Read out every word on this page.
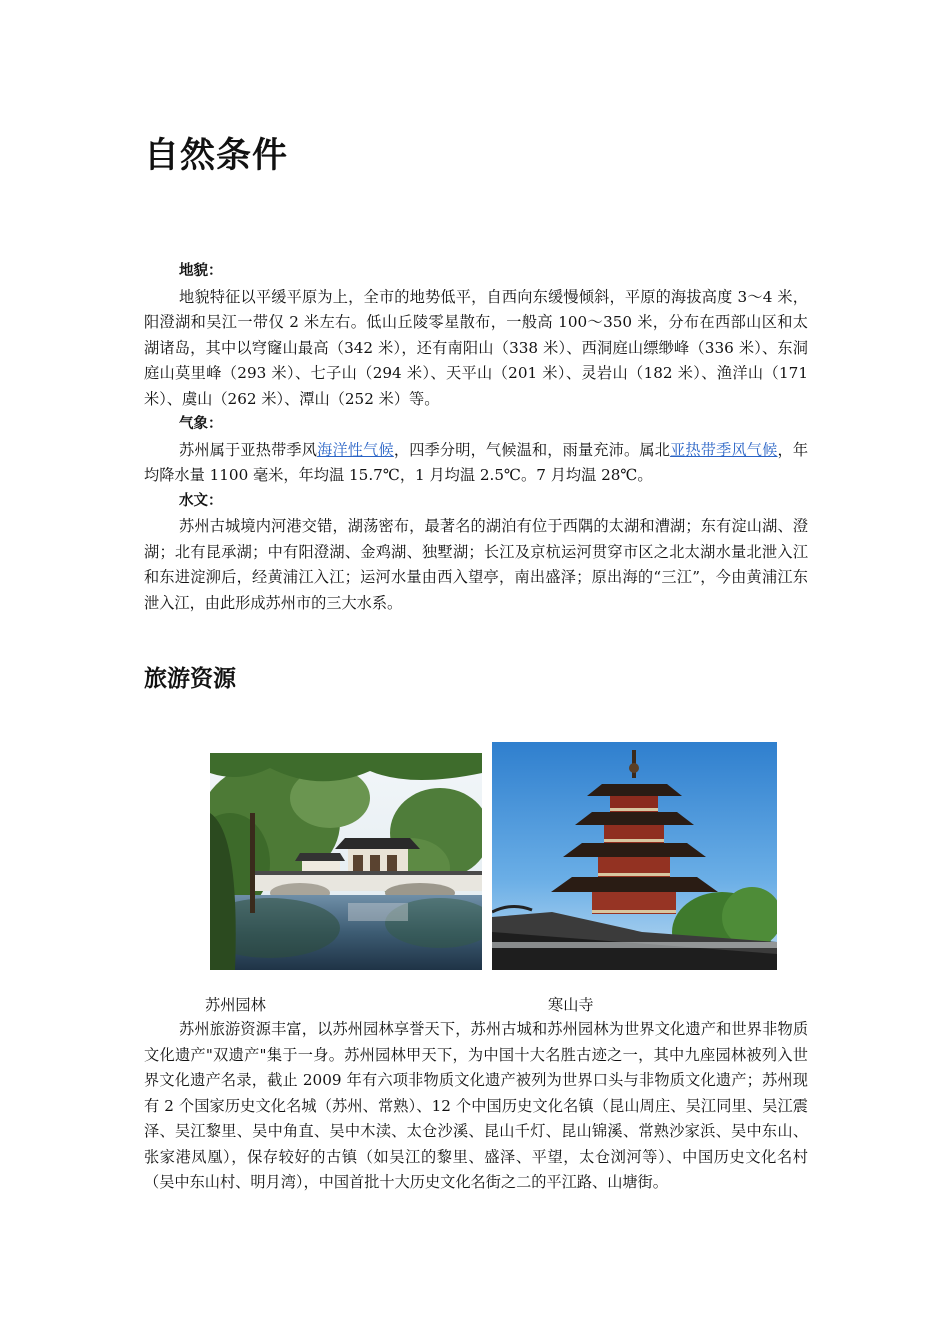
自然条件
地貌：
地貌特征以平缓平原为上，全市的地势低平，自西向东缓慢倾斜，平原的海拔高度 3～4 米，阳澄湖和吴江一带仅 2 米左右。低山丘陵零星散布，一般高 100～350 米，分布在西部山区和太湖诸岛，其中以穹窿山最高（342 米），还有南阳山（338 米）、西洞庭山缥缈峰（336 米）、东洞庭山莫里峰（293 米）、七子山（294 米）、天平山（201 米）、灵岩山（182 米）、渔洋山（171 米）、虞山（262 米）、潭山（252 米）等。
气象：
苏州属于亚热带季风海洋性气候，四季分明，气候温和，雨量充沛。属北亚热带季风气候，年均降水量 1100 毫米，年均温 15.7℃，1 月均温 2.5℃。7 月均温 28℃。
水文：
苏州古城境内河港交错，湖荡密布，最著名的湖泊有位于西隅的太湖和漕湖；东有淀山湖、澄湖；北有昆承湖；中有阳澄湖、金鸡湖、独墅湖；长江及京杭运河贯穿市区之北太湖水量北泄入江和东进淀泖后，经黄浦江入江；运河水量由西入望亭，南出盛泽；原出海的“三江”，今由黄浦江东泄入江，由此形成苏州市的三大水系。
旅游资源
苏州园林	寒山寺
苏州旅游资源丰富，以苏州园林享誉天下，苏州古城和苏州园林为世界文化遗产和世界非物质文化遗产"双遗产"集于一身。苏州园林甲天下，为中国十大名胜古迹之一，其中九座园林被列入世界文化遗产名录，截止 2009 年有六项非物质文化遗产被列为世界口头与非物质文化遗产；苏州现有 2 个国家历史文化名城（苏州、常熟）、12 个中国历史文化名镇（昆山周庄、吴江同里、吴江震泽、吴江黎里、吴中角直、吴中木渎、太仓沙溪、昆山千灯、昆山锦溪、常熟沙家浜、吴中东山、张家港凤凰），保存较好的古镇（如吴江的黎里、盛泽、平望，太仓浏河等）、中国历史文化名村（吴中东山村、明月湾），中国首批十大历史文化名街之二的平江路、山塘街。
